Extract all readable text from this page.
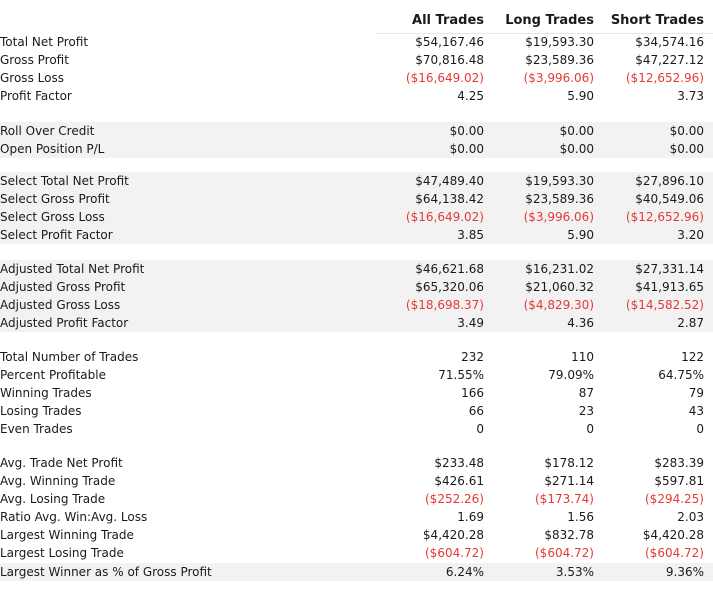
All Trades Long Trades Short Trades
Total Net Profit	$54,167.46	$19,593.30	$34,574.16
Gross Profit	$70,816.48	$23,589.36	$47,227.12
Gross Loss	($16,649.02)	($3,996.06)	($12,652.96)
Profit Factor	4.25	5.90	3.73
Roll Over Credit	$0.00	$0.00	$0.00
Open Position P/L	$0.00	$0.00	$0.00
Select Total Net Profit	$47,489.40	$19,593.30	$27,896.10
Select Gross Profit	$64,138.42	$23,589.36	$40,549.06
Select Gross Loss	($16,649.02)	($3,996.06)	($12,652.96)
Select Profit Factor	3.85	5.90	3.20
Adjusted Total Net Profit	$46,621.68	$16,231.02	$27,331.14
Adjusted Gross Profit	$65,320.06	$21,060.32	$41,913.65
Adjusted Gross Loss	($18,698.37)	($4,829.30)	($14,582.52)
Adjusted Profit Factor	3.49	4.36	2.87
Total Number of Trades	232	110	122
Percent Profitable	71.55%	79.09%	64.75%
Winning Trades	166	87	79
Losing Trades	66	23	43
Even Trades	0	0	0
Avg. Trade Net Profit	$233.48	$178.12	$283.39
Avg. Winning Trade	$426.61	$271.14	$597.81
Avg. Losing Trade	($252.26)	($173.74)	($294.25)
Ratio Avg. Win:Avg. Loss	1.69	1.56	2.03
Largest Winning Trade	$4,420.28	$832.78	$4,420.28
Largest Losing Trade	($604.72)	($604.72)	($604.72)
Largest Winner as % of Gross Profit	6.24%	3.53%	9.36%
